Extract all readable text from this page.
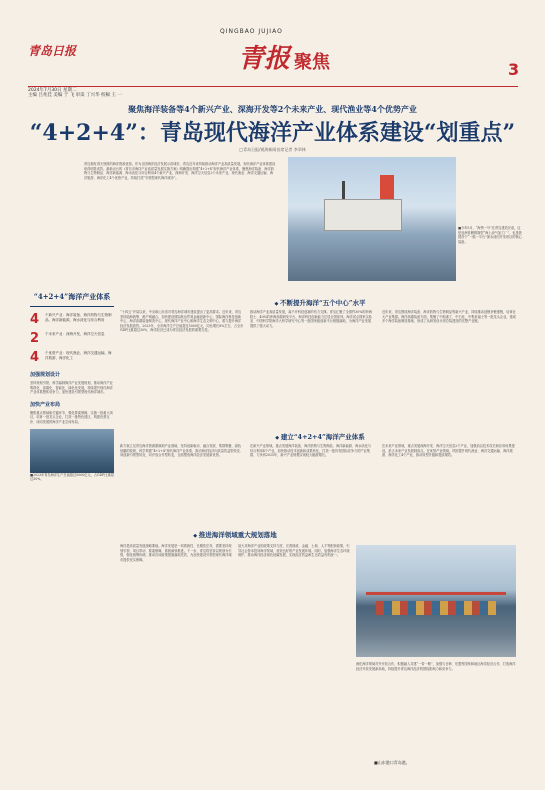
青岛日报
QINGBAO JUJIAO
青报 聚焦	3
2024年7月30日 星期二
主编 吕兆佳 美编 于 飞 审读 丁兴华 校稿 王 一
聚焦海洋装备等4个新兴产业、深海开发等2个未来产业、现代渔业等4个优势产业
“4+2+4”：青岛现代海洋产业体系建设“划重点”
□青岛日报/观海新闻首席记者 李翠林
青岛拥有得天独厚的海洋资源优势。作为全国海洋经济发展示范城市，青岛近年来持续推动海洋产业高质量发展，现代海洋产业体系建设取得明显成效。最新出台的《青岛市海洋产业高质量发展实施方案》明确提出构建“4+2+4”现代海洋产业体系，聚焦海洋装备、海洋药物与生物制品、海洋新能源、海水淡化与综合利用4个新兴产业，深海开发、海洋空天信息2个未来产业，现代渔业、海洋交通运输、海洋旅游、海洋化工4个优势产业，持续打造“引领型现代海洋城市”。
■今年5月，“海葵一号”在青岛建造完成，这是亚洲首艘圆筒型“海上油气加工厂”，也是我国首个“一船一平台”深水油田开发项目的核心装备。
“4+2+4”海洋产业体系
4	个新兴产业：海洋装备、海洋药物与生物制品、海洋新能源、海水淡化与综合利用
2	个未来产业：深海开发、海洋空天信息
4	个优势产业：现代渔业、海洋交通运输、海洋旅游、海洋化工
加强规划设计
坚持规划引领，科学编制海洋产业发展规划，推动海洋产业集群化、高端化、智能化、绿色化发展，持续提升现代海洋产业体系整体竞争力，加快建设引领型现代海洋城市。
加快产业布局
聚焦重点领域和关键环节，强化要素保障，实施一批重大项目，培育一批龙头企业，打造一批特色园区，构建优势互补、协同发展的海洋产业空间布局。
■2023年青岛海洋生产总值超过5000亿元，占GDP比重超过30%。
◆ 不断提升海洋“五个中心”水平
“十四五”开局以来，中央和山东省对青岛海洋城市建设提出了更高要求。近年来，青岛坚持陆海统筹、港产城融合，加快建设国际航运贸易金融创新中心、国际海洋科技创新中心、海洋高端装备制造中心、现代海洋产业中心和海洋生态文明中心，着力提升海洋经济发展质效。2023年，全市海洋生产总值超过5000亿元，同比增长8%左右，占全市GDP比重超过30%，海洋经济已成为青岛经济发展的重要支柱。
推动海洋产业高质量发展，离不开科技创新的有力支撑。青岛汇聚了全国约30%的涉海院士、40%的涉海高端研发平台，海洋科技创新能力位居全国前列。海洋试点国家实验室、中国科学院海洋大科学研究中心等一批国家级创新平台相继落地，为海洋产业发展提供了强大动力。
近年来，青岛围绕海洋装备、海洋药物与生物制品等新兴产业，持续推动延链补链强链，培育壮大产业集群。海洋高端装备方面，集聚了中船重工、中石化、中集来福士等一批龙头企业，建成多个海洋装备制造基地，形成了从研发设计到总装建造的完整产业链。
◆ 建立“4+2+4”海洋产业体系
新方案立足青岛海洋资源禀赋和产业基础，坚持创新驱动、融合发展、集群集聚、绿色低碳的原则，科学构建“4+2+4”现代海洋产业体系，推动海洋经济向质量效益型转变、向创新引领型转变、向开放合作型转变，全面塑造海洋经济发展新优势。
在新兴产业领域，重点发展海洋装备、海洋药物与生物制品、海洋新能源、海水淡化与综合利用4个产业，加快推动技术创新和成果转化，打造一批具有国际竞争力的产业集群，力争到2025年，新兴产业规模实现较大幅度增长。
在未来产业领域，重点发展深海开发、海洋空天信息2个产业，加强前沿技术攻关和应用场景建设，抢占未来产业发展制高点。在优势产业领域，巩固提升现代渔业、海洋交通运输、海洋旅游、海洋化工4个产业，推动转型升级和提质增效。
◆ 推进海洋领域重大规划落地
海洋是高质量发展战略要地。海洋发展是一项系统性、长期性任务，需要坚持规划引领、项目带动、要素保障，系统谋划推进。下一步，青岛将坚持以规划为引领，强化统筹协调，推动各项政策措施落地见效，为加快建设引领型现代海洋城市提供坚实保障。
加大对海洋产业的政策支持力度，完善财政、金融、土地、人才等配套政策，引导社会资本投向海洋领域，营造良好的产业发展环境。同时，加强海洋生态环境保护，推动海洋经济绿色低碳发展，实现经济效益和生态效益有机统一。
深化海洋领域对外开放合作，积极融入共建“一带一路”，加强与日韩、东盟等国家和地区海洋经济合作，打造海洋经济开放发展新高地，持续提升青岛海洋经济的国际影响力和竞争力。
■山东港口青岛港。
